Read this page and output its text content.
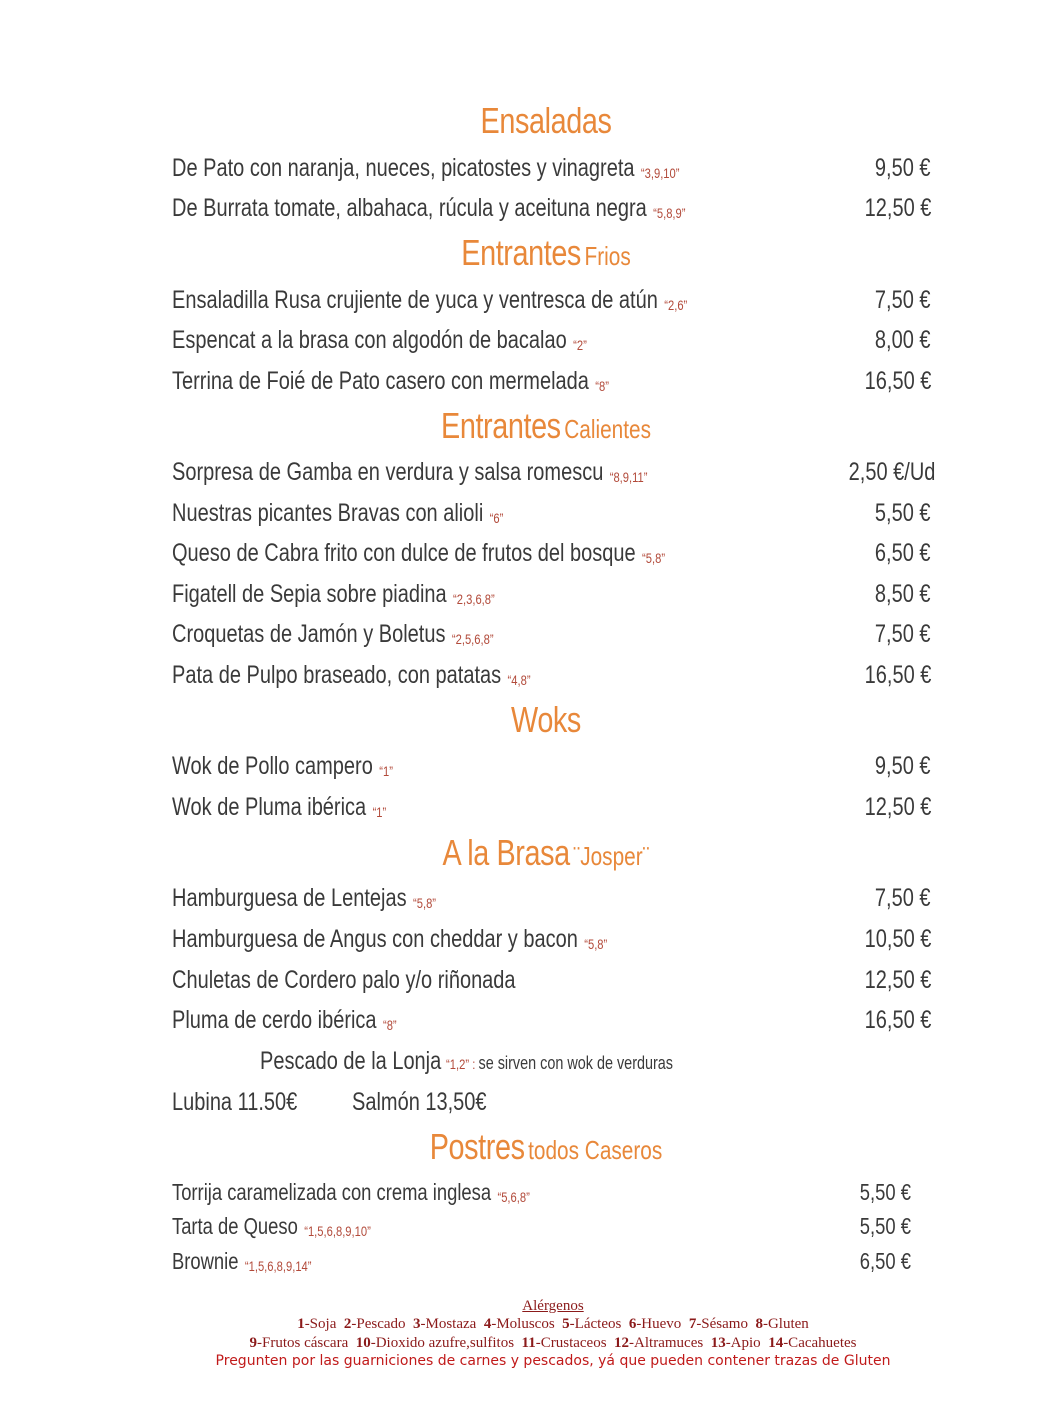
Ensaladas
De Pato con naranja, nueces, picatostes y vinagreta “3,9,10”	9,50 €
De Burrata tomate, albahaca, rúcula y aceituna negra “5,8,9”	12,50 €
Entrantes Frios
Ensaladilla Rusa crujiente de yuca y ventresca de atún “2,6”	7,50 €
Espencat a la brasa con algodón de bacalao “2”	8,00 €
Terrina de Foié de Pato casero con mermelada “8”	16,50 €
Entrantes Calientes
Sorpresa de Gamba en verdura y salsa romescu “8,9,11”	2,50 €/Ud
Nuestras picantes Bravas con alioli “6”	5,50 €
Queso de Cabra frito con dulce de frutos del bosque “5,8”	6,50 €
Figatell de Sepia sobre piadina “2,3,6,8”	8,50 €
Croquetas de Jamón y Boletus “2,5,6,8”	7,50 €
Pata de Pulpo braseado, con patatas “4,8”	16,50 €
Woks
Wok de Pollo campero “1”	9,50 €
Wok de Pluma ibérica “1”	12,50 €
A la Brasa ¨Josper¨
Hamburguesa de Lentejas “5,8”	7,50 €
Hamburguesa de Angus con cheddar y bacon “5,8”	10,50 €
Chuletas de Cordero palo y/o riñonada	12,50 €
Pluma de cerdo ibérica “8”	16,50 €
Pescado de la Lonja “1,2” : se sirven con wok de verduras
Lubina 11.50€ Salmón 13,50€
Postres todos Caseros
Torrija caramelizada con crema inglesa “5,6,8”	5,50 €
Tarta de Queso “1,5,6,8,9,10”	5,50 €
Brownie “1,5,6,8,9,14”	6,50 €
Alérgenos
1-Soja 2-Pescado 3-Mostaza 4-Moluscos 5-Lácteos 6-Huevo 7-Sésamo 8-Gluten
9-Frutos cáscara 10-Dioxido azufre,sulfitos 11-Crustaceos 12-Altramuces 13-Apio 14-Cacahuetes
Pregunten por las guarniciones de carnes y pescados, yá que pueden contener trazas de Gluten
